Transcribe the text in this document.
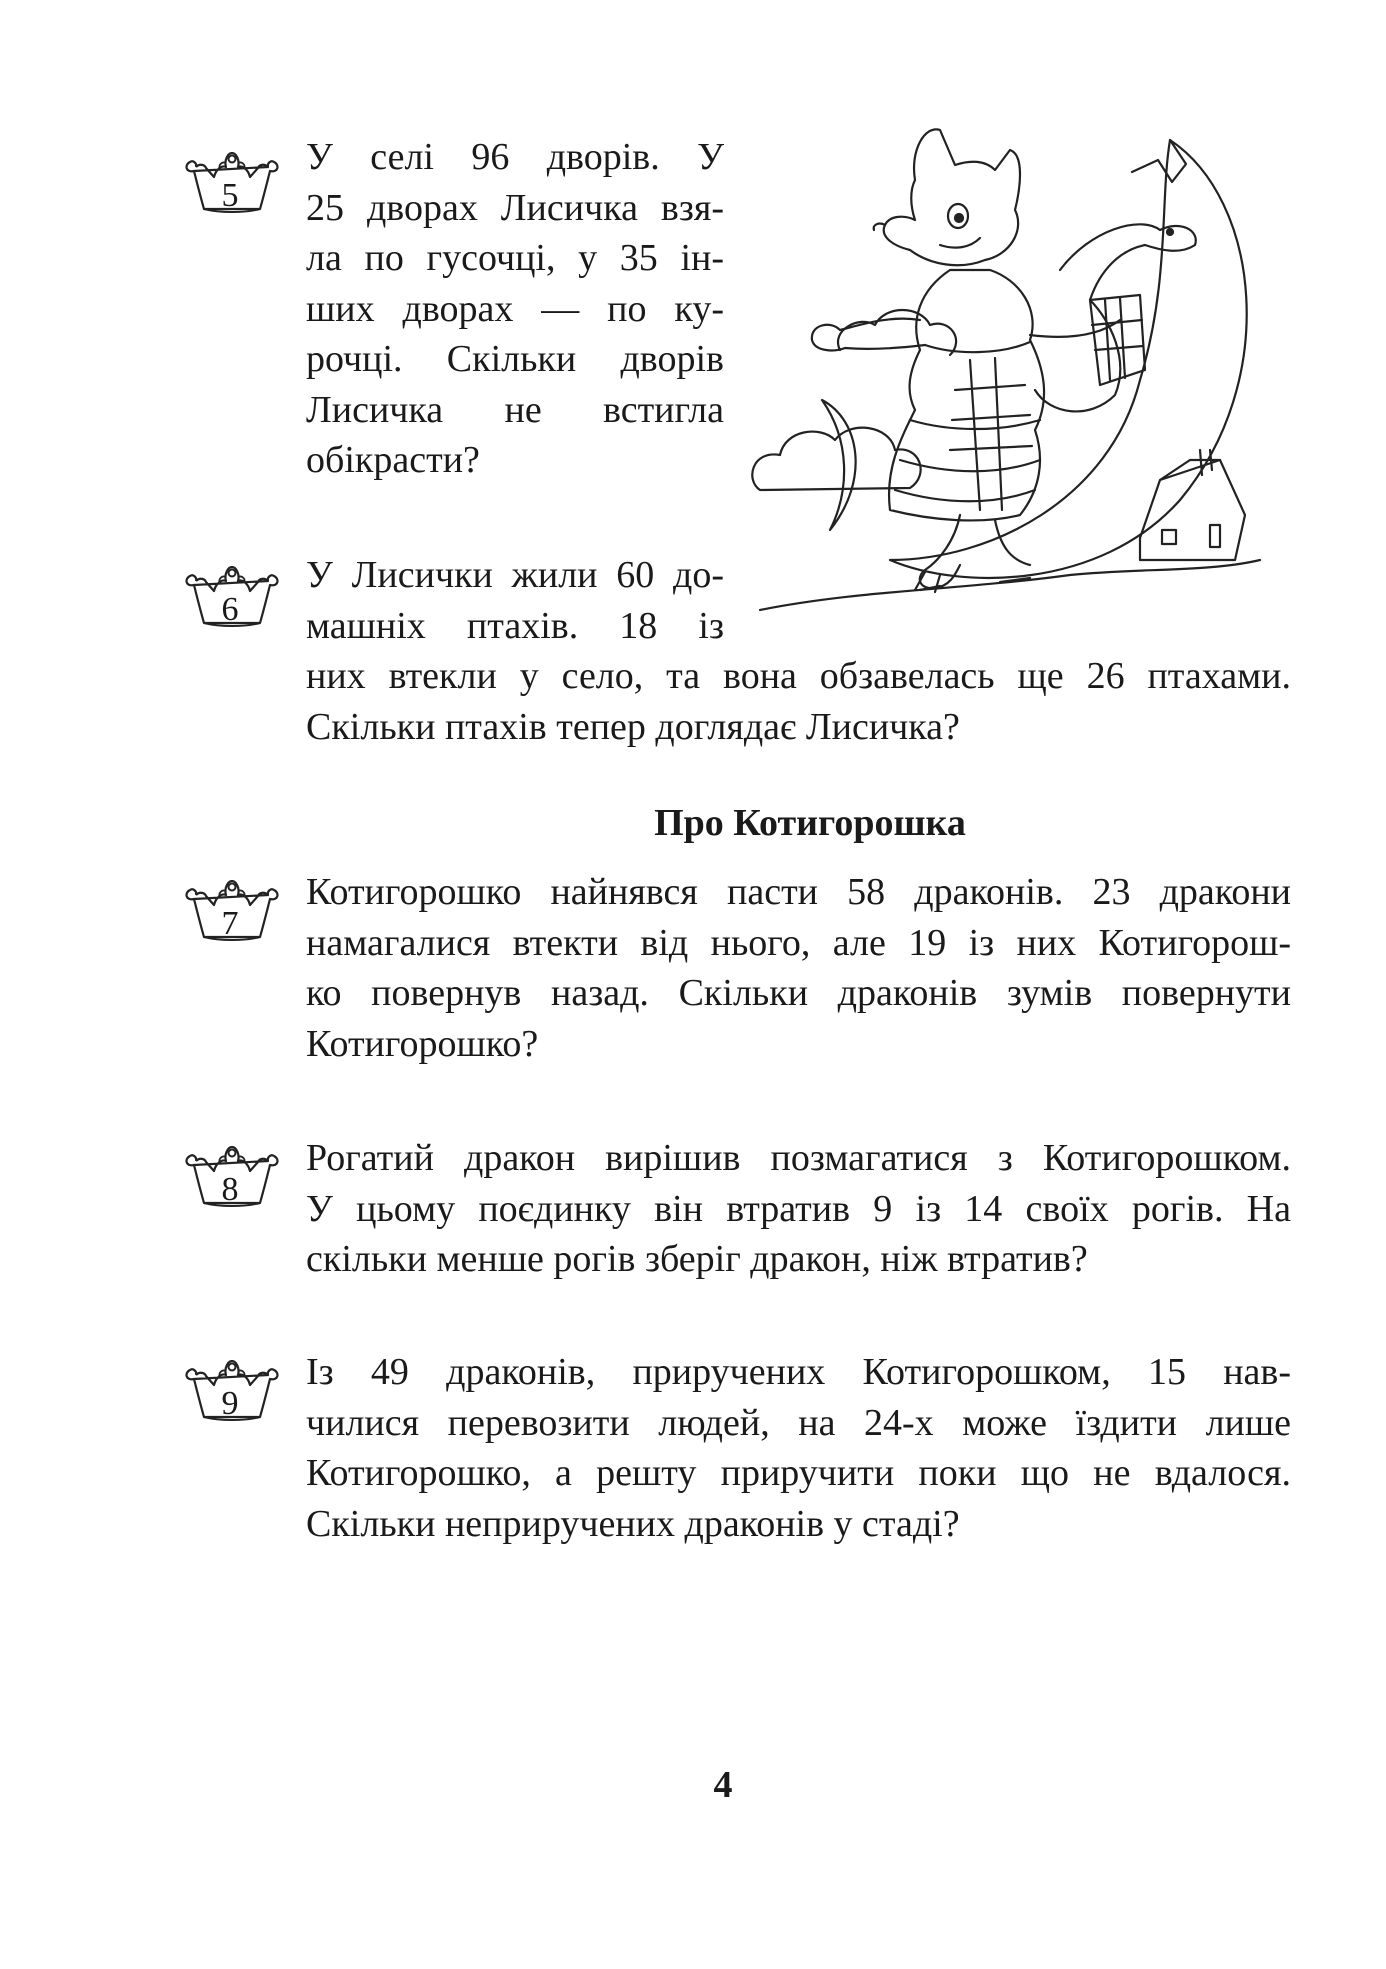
5
У селі 96 дворів. У
25 дворах Лисичка взя-
ла по гусочці, у 35 ін-
ших дворах — по ку-
рочці. Скільки дворів
Лисичка не встигла
обікрасти?
6
У Лисички жили 60 до-
машніх птахів. 18 із
них втекли у село, та вона обзавелась ще 26 птахами.
Скільки птахів тепер доглядає Лисичка?
Про Котигорошка
7
Котигорошко найнявся пасти 58 драконів. 23 дракони
намагалися втекти від нього, але 19 із них Котигорош-
ко повернув назад. Скільки драконів зумів повернути
Котигорошко?
8
Рогатий дракон вирішив позмагатися з Котигорошком.
У цьому поєдинку він втратив 9 із 14 своїх рогів. На
скільки менше рогів зберіг дракон, ніж втратив?
9
Із 49 драконів, приручених Котигорошком, 15 нав-
чилися перевозити людей, на 24-х може їздити лише
Котигорошко, а решту приручити поки що не вдалося.
Скільки неприручених драконів у стаді?
4
